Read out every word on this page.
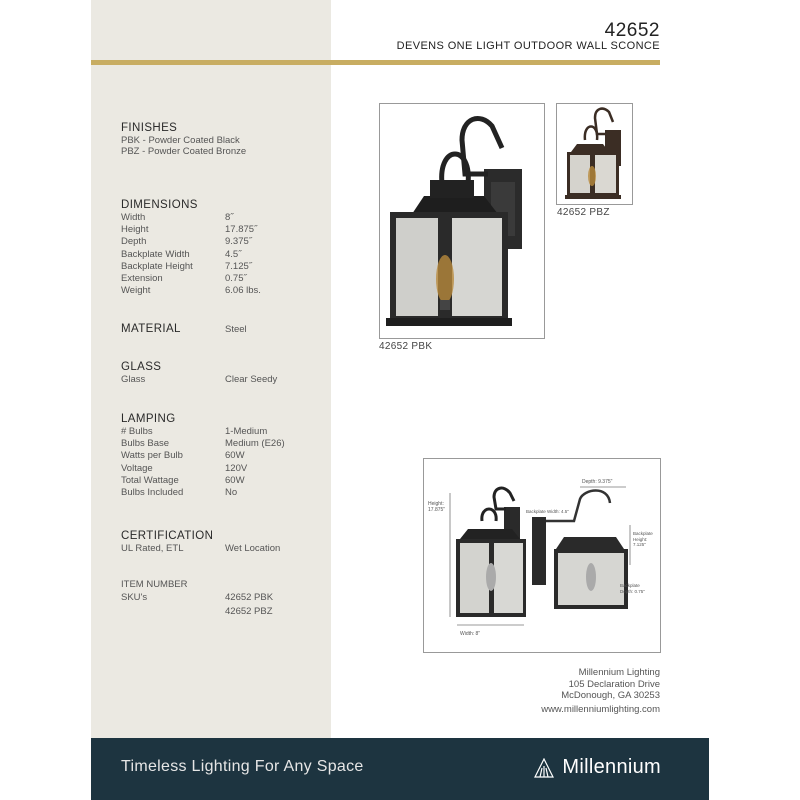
42652
DEVENS ONE LIGHT OUTDOOR WALL SCONCE
FINISHES
PBK - Powder Coated Black
PBZ - Powder Coated Bronze
DIMENSIONS
Width	8˝
Height	17.875˝
Depth	9.375˝
Backplate Width	4.5˝
Backplate Height	7.125˝
Extension	0.75˝
Weight	6.06 lbs.
MATERIAL	Steel
GLASS
Glass	Clear Seedy
LAMPING
# Bulbs	1-Medium
Bulbs Base	Medium (E26)
Watts per Bulb	60W
Voltage	120V
Total Wattage	60W
Bulbs Included	No
CERTIFICATION
UL Rated, ETL	Wet Location
ITEM NUMBER
SKU's	42652 PBK
42652 PBZ
42652 PBK
42652 PBZ
Height:
17.875"
Width: 8"
Depth: 9.375"
Backplate Width: 4.5"
Backplate
Height:
7.125"
Backplate
Depth: 0.75"
Millennium Lighting
105 Declaration Drive
McDonough, GA 30253
www.millenniumlighting.com
Timeless Lighting For Any Space	Millennium
